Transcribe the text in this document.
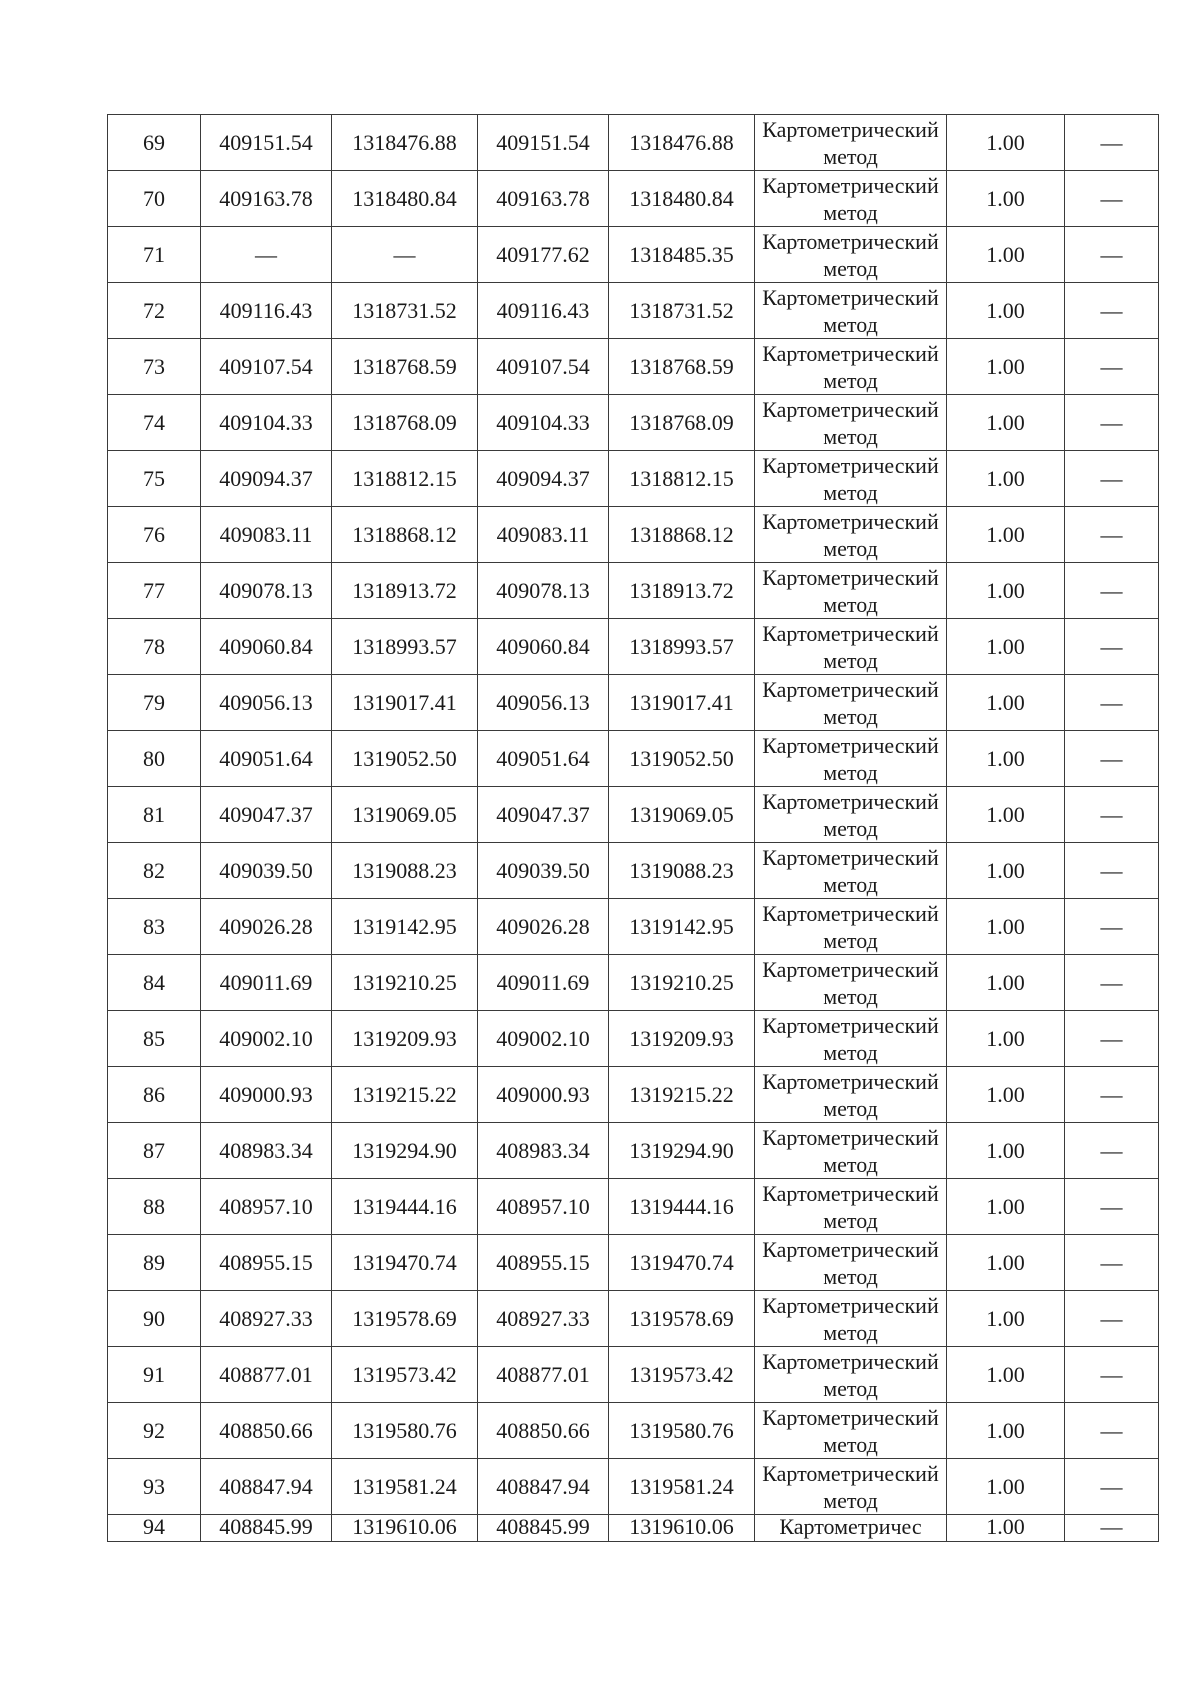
69	409151.54	1318476.88	409151.54	1318476.88	Картометрический метод	1.00	—
70	409163.78	1318480.84	409163.78	1318480.84	Картометрический метод	1.00	—
71	—	—	409177.62	1318485.35	Картометрический метод	1.00	—
72	409116.43	1318731.52	409116.43	1318731.52	Картометрический метод	1.00	—
73	409107.54	1318768.59	409107.54	1318768.59	Картометрический метод	1.00	—
74	409104.33	1318768.09	409104.33	1318768.09	Картометрический метод	1.00	—
75	409094.37	1318812.15	409094.37	1318812.15	Картометрический метод	1.00	—
76	409083.11	1318868.12	409083.11	1318868.12	Картометрический метод	1.00	—
77	409078.13	1318913.72	409078.13	1318913.72	Картометрический метод	1.00	—
78	409060.84	1318993.57	409060.84	1318993.57	Картометрический метод	1.00	—
79	409056.13	1319017.41	409056.13	1319017.41	Картометрический метод	1.00	—
80	409051.64	1319052.50	409051.64	1319052.50	Картометрический метод	1.00	—
81	409047.37	1319069.05	409047.37	1319069.05	Картометрический метод	1.00	—
82	409039.50	1319088.23	409039.50	1319088.23	Картометрический метод	1.00	—
83	409026.28	1319142.95	409026.28	1319142.95	Картометрический метод	1.00	—
84	409011.69	1319210.25	409011.69	1319210.25	Картометрический метод	1.00	—
85	409002.10	1319209.93	409002.10	1319209.93	Картометрический метод	1.00	—
86	409000.93	1319215.22	409000.93	1319215.22	Картометрический метод	1.00	—
87	408983.34	1319294.90	408983.34	1319294.90	Картометрический метод	1.00	—
88	408957.10	1319444.16	408957.10	1319444.16	Картометрический метод	1.00	—
89	408955.15	1319470.74	408955.15	1319470.74	Картометрический метод	1.00	—
90	408927.33	1319578.69	408927.33	1319578.69	Картометрический метод	1.00	—
91	408877.01	1319573.42	408877.01	1319573.42	Картометрический метод	1.00	—
92	408850.66	1319580.76	408850.66	1319580.76	Картометрический метод	1.00	—
93	408847.94	1319581.24	408847.94	1319581.24	Картометрический метод	1.00	—
94	408845.99	1319610.06	408845.99	1319610.06	Картометричес	1.00	—
